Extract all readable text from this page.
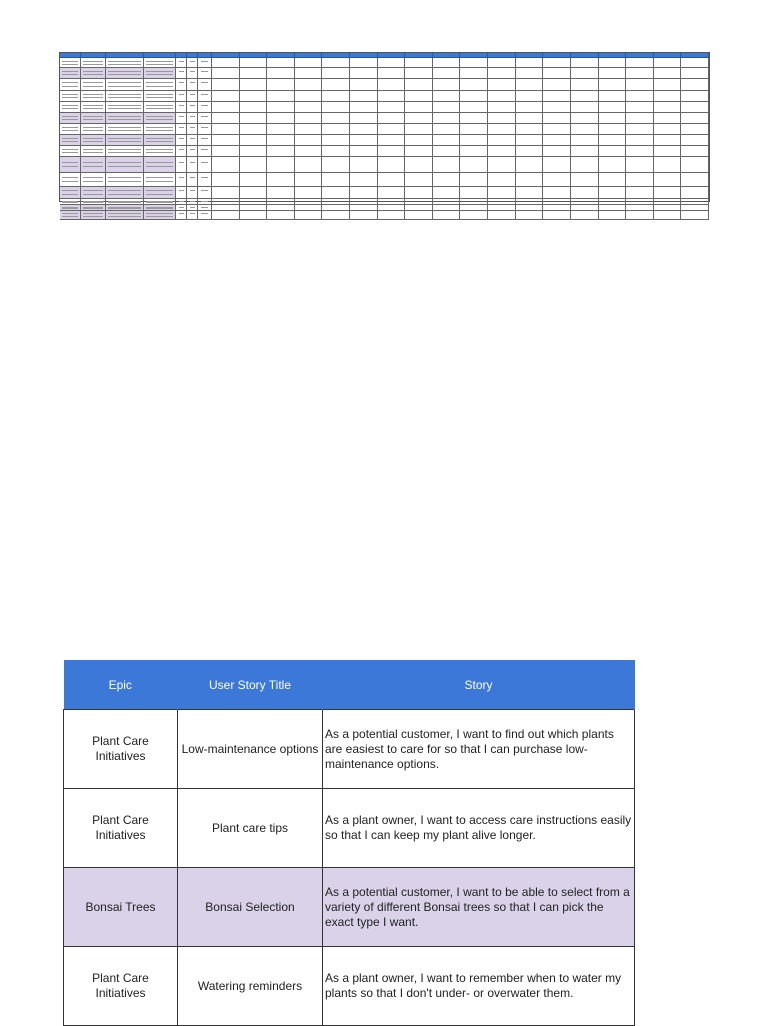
Epic	User Story Title	Story
Plant Care Initiatives	Low-maintenance options	As a potential customer, I want to find out which plants are easiest to care for so that I can purchase low-maintenance options.
Plant Care Initiatives	Plant care tips	As a plant owner, I want to access care instructions easily so that I can keep my plant alive longer.
Bonsai Trees	Bonsai Selection	As a potential customer, I want to be able to select from a variety of different Bonsai trees so that I can pick the exact type I want.
Plant Care Initiatives	Watering reminders	As a plant owner, I want to remember when to water my plants so that I don't under- or overwater them.
